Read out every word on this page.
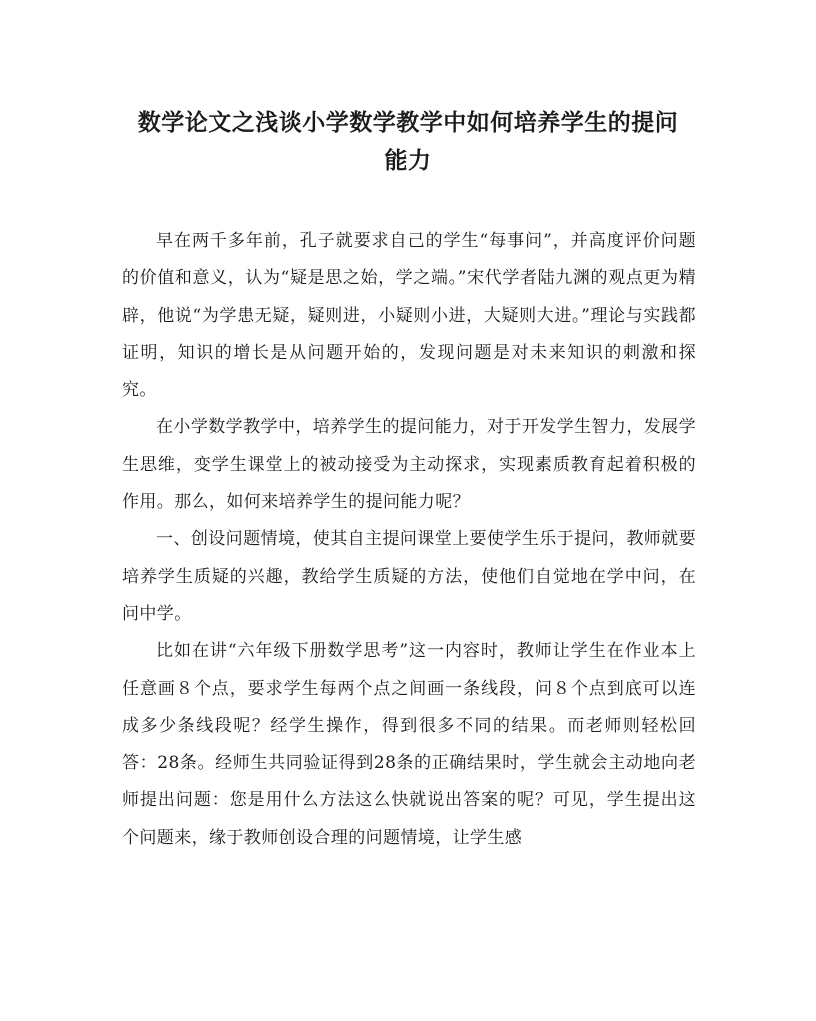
数学论文之浅谈小学数学教学中如何培养学生的提问
能力

早在两千多年前，孔子就要求自己的学生“每事问”，并高度评价问题的价值和意义，认为“疑是思之始，学之端。”宋代学者陆九渊的观点更为精辟，他说“为学患无疑，疑则进，小疑则小进，大疑则大进。”理论与实践都证明，知识的增长是从问题开始的，发现问题是对未来知识的刺激和探究。

在小学数学教学中，培养学生的提问能力，对于开发学生智力，发展学生思维，变学生课堂上的被动接受为主动探求，实现素质教育起着积极的作用。那么，如何来培养学生的提问能力呢？

一、创设问题情境，使其自主提问课堂上要使学生乐于提问，教师就要培养学生质疑的兴趣，教给学生质疑的方法，使他们自觉地在学中问，在问中学。

比如在讲“六年级下册数学思考”这一内容时，教师让学生在作业本上任意画８个点，要求学生每两个点之间画一条线段，问８个点到底可以连成多少条线段呢？经学生操作，得到很多不同的结果。而老师则轻松回答：28条。经师生共同验证得到28条的正确结果时，学生就会主动地向老师提出问题：您是用什么方法这么快就说出答案的呢？可见，学生提出这个问题来，缘于教师创设合理的问题情境，让学生感
